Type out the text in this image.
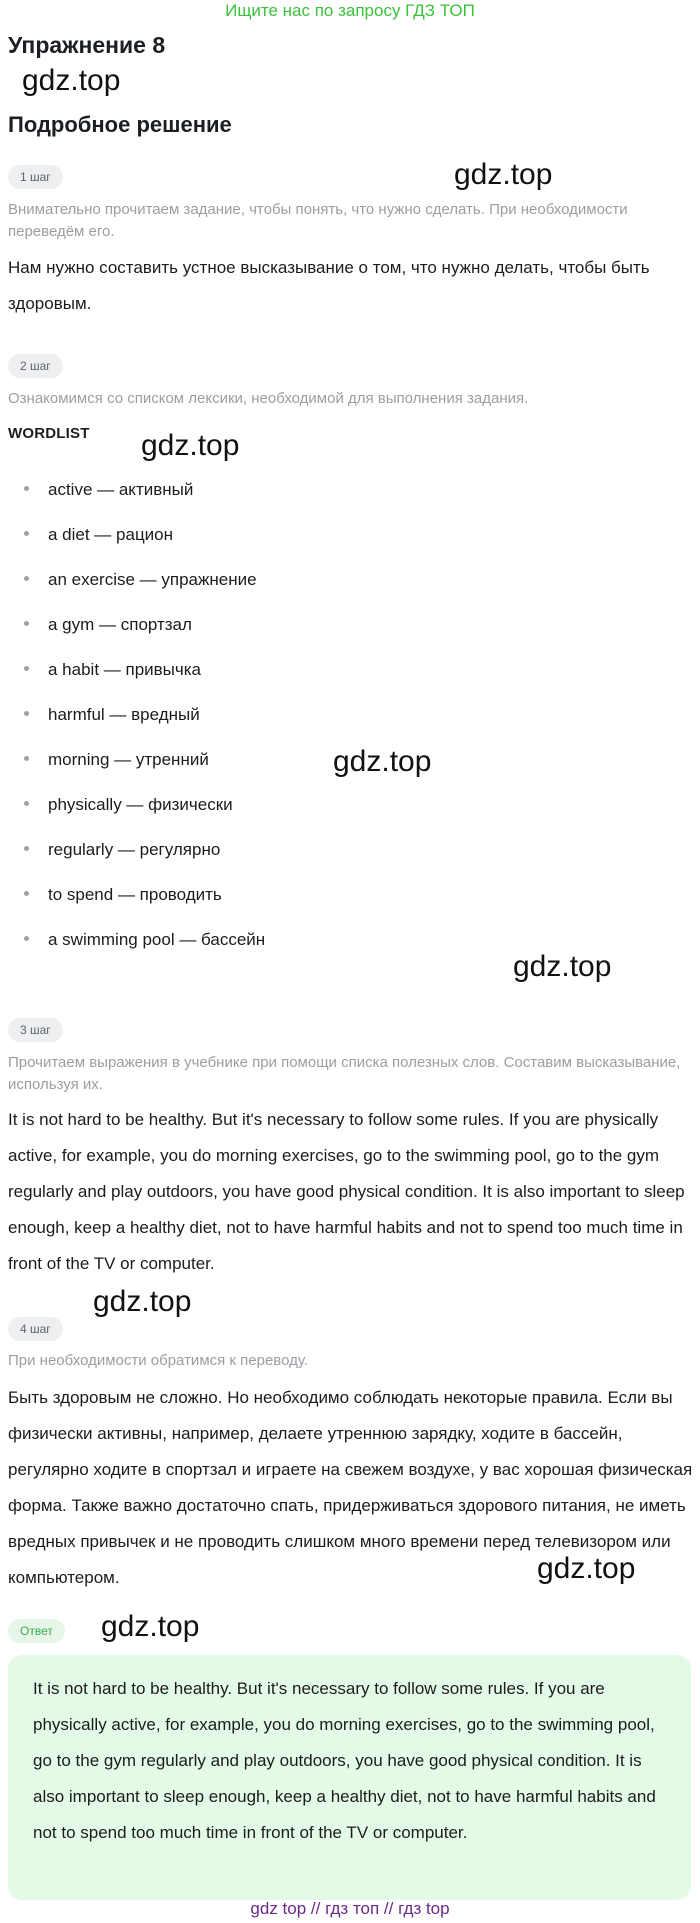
Ищите нас по запросу ГДЗ ТОП
Упражнение 8
gdz.top
Подробное решение
1 шаг	gdz.top
Внимательно прочитаем задание, чтобы понять, что нужно сделать. При необходимости переведём его.
Нам нужно составить устное высказывание о том, что нужно делать, чтобы быть здоровым.
2 шаг
Ознакомимся со списком лексики, необходимой для выполнения задания.
WORDLIST gdz.top
active — активный
a diet — рацион
an exercise — упражнение
a gym — спортзал
a habit — привычка
harmful — вредный
morning — утренний
physically — физически
regularly — регулярно
to spend — проводить
a swimming pool — бассейн
gdz.top
gdz.top
3 шаг
Прочитаем выражения в учебнике при помощи списка полезных слов. Составим высказывание, используя их.
It is not hard to be healthy. But it's necessary to follow some rules. If you are physically active, for example, you do morning exercises, go to the swimming pool, go to the gym regularly and play outdoors, you have good physical condition. It is also important to sleep enough, keep a healthy diet, not to have harmful habits and not to spend too much time in front of the TV or computer.
gdz.top
4 шаг
При необходимости обратимся к переводу.
Быть здоровым не сложно. Но необходимо соблюдать некоторые правила. Если вы физически активны, например, делаете утреннюю зарядку, ходите в бассейн, регулярно ходите в спортзал и играете на свежем воздухе, у вас хорошая физическая форма. Также важно достаточно спать, придерживаться здорового питания, не иметь вредных привычек и не проводить слишком много времени перед телевизором или компьютером.	gdz.top
Ответ	gdz.top

It is not hard to be healthy. But it's necessary to follow some rules. If you are physically active, for example, you do morning exercises, go to the swimming pool, go to the gym regularly and play outdoors, you have good physical condition. It is also important to sleep enough, keep a healthy diet, not to have harmful habits and not to spend too much time in front of the TV or computer.

gdz top // гдз топ // гдз top
